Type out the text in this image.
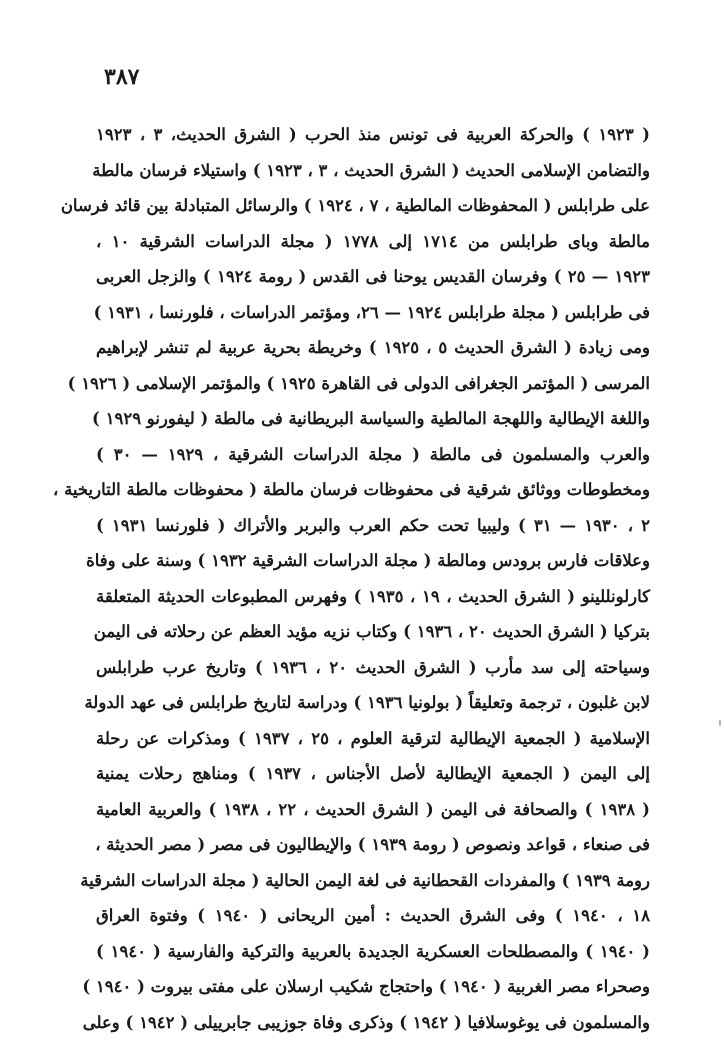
٣٨٧
( ١٩٢٣ ) والحركة العربية فى تونس منذ الحرب ( الشرق الحديث، ٣ ، ١٩٢٣
والتضامن الإسلامى الحديث ( الشرق الحديث ، ٣ ، ١٩٢٣ ) واستيلاء فرسان مالطة
على طرابلس ( المحفوظات المالطية ، ٧ ، ١٩٢٤ ) والرسائل المتبادلة بين قائد فرسان
مالطة وباى طرابلس من ١٧١٤ إلى ١٧٧٨ ( مجلة الدراسات الشرقية ١٠ ،
١٩٢٣ — ٢٥ ) وفرسان القديس يوحنا فى القدس ( رومة ١٩٢٤ ) والزجل العربى
فى طرابلس ( مجلة طرابلس ١٩٢٤ — ٢٦، ومؤتمر الدراسات ، فلورنسا ، ١٩٣١ )
ومى زيادة ( الشرق الحديث ٥ ، ١٩٢٥ ) وخريطة بحرية عربية لم تنشر لإبراهيم
المرسى ( المؤتمر الجغرافى الدولى فى القاهرة ١٩٢٥ ) والمؤتمر الإسلامى ( ١٩٢٦ )
واللغة الإيطالية واللهجة المالطية والسياسة البريطانية فى مالطة ( ليفورنو ١٩٢٩ )
والعرب والمسلمون فى مالطة ( مجلة الدراسات الشرقية ، ١٩٢٩ — ٣٠ )
ومخطوطات ووثائق شرقية فى محفوظات فرسان مالطة ( محفوظات مالطة التاريخية ،
٢ ، ١٩٣٠ — ٣١ ) وليبيا تحت حكم العرب والبربر والأتراك ( فلورنسا ١٩٣١ )
وعلاقات فارس برودس ومالطة ( مجلة الدراسات الشرقية ١٩٣٢ ) وسنة على وفاة
كارلونللينو ( الشرق الحديث ، ١٩ ، ١٩٣٥ ) وفهرس المطبوعات الحديثة المتعلقة
بتركيا ( الشرق الحديث ٢٠ ، ١٩٣٦ ) وكتاب نزيه مؤيد العظم عن رحلاته فى اليمن
وسياحته إلى سد مأرب ( الشرق الحديث ٢٠ ، ١٩٣٦ ) وتاريخ عرب طرابلس
لابن غلبون ، ترجمة وتعليقاً ( بولونيا ١٩٣٦ ) ودراسة لتاريخ طرابلس فى عهد الدولة
الإسلامية ( الجمعية الإيطالية لترقية العلوم ، ٢٥ ، ١٩٣٧ ) ومذكرات عن رحلة
إلى اليمن ( الجمعية الإيطالية لأصل الأجناس ، ١٩٣٧ ) ومناهج رحلات يمنية
( ١٩٣٨ ) والصحافة فى اليمن ( الشرق الحديث ، ٢٢ ، ١٩٣٨ ) والعربية العامية
فى صنعاء ، قواعد ونصوص ( رومة ١٩٣٩ ) والإيطاليون فى مصر ( مصر الحديثة ،
رومة ١٩٣٩ ) والمفردات القحطانية فى لغة اليمن الحالية ( مجلة الدراسات الشرقية
١٨ ، ١٩٤٠ ) وفى الشرق الحديث : أمين الريحانى ( ١٩٤٠ ) وفتوة العراق
( ١٩٤٠ ) والمصطلحات العسكرية الجديدة بالعربية والتركية والفارسية ( ١٩٤٠ )
وصحراء مصر الغربية ( ١٩٤٠ ) واحتجاج شكيب ارسلان على مفتى بيروت ( ١٩٤٠ )
والمسلمون فى يوغوسلافيا ( ١٩٤٢ ) وذكرى وفاة جوزيبى جابرييلى ( ١٩٤٢ ) وعلى
